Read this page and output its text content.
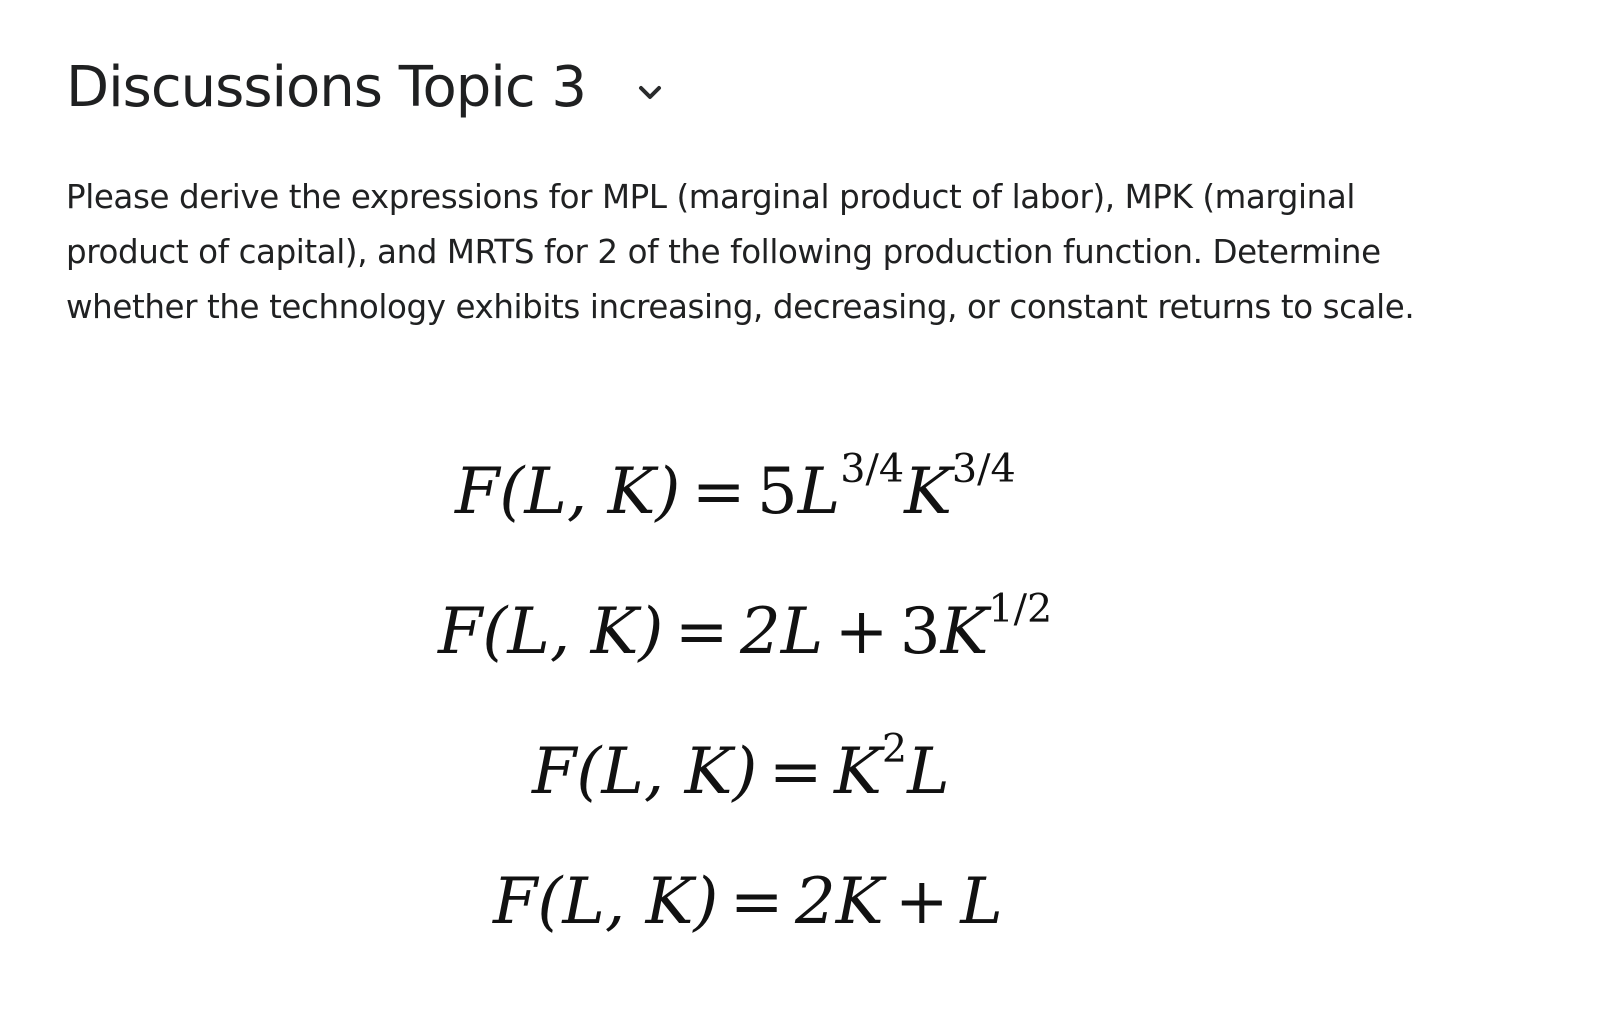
Discussions Topic 3
Please derive the expressions for MPL (marginal product of labor), MPK (marginal product of capital), and MRTS for 2 of the following production function. Determine whether the technology exhibits increasing, decreasing, or constant returns to scale.
F(L, $K) = 5L^{3/4}K^{3/4}$
F(L, $K) = 2L + 3K^{1/2}$
F(L, $K) = K^2L$
F(L, K) = 2K + L
